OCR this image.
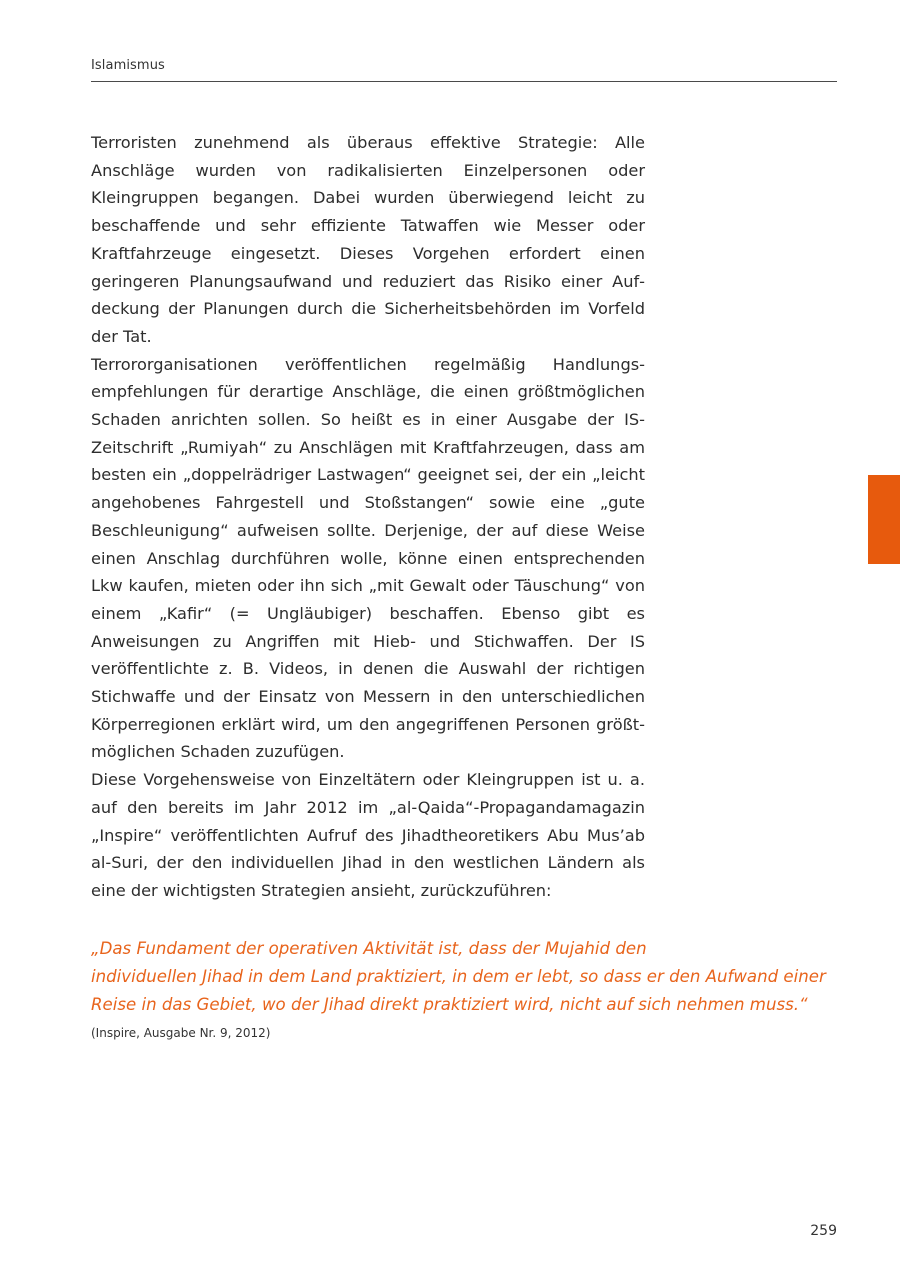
Islamismus

Terroristen zunehmend als überaus effektive Strategie: Alle Anschläge wurden von radikalisierten Einzelpersonen oder Kleingruppen begangen. Dabei wurden überwiegend leicht zu beschaffende und sehr effiziente Tatwaffen wie Messer oder Kraftfahrzeuge eingesetzt. Dieses Vorgehen erfordert einen geringeren Planungsaufwand und reduziert das Risiko einer Aufdeckung der Planungen durch die Sicherheitsbehörden im Vorfeld der Tat.

Terrororganisationen veröffentlichen regelmäßig Handlungsempfehlungen für derartige Anschläge, die einen größtmöglichen Schaden anrichten sollen. So heißt es in einer Ausgabe der IS-Zeitschrift „Rumiyah“ zu Anschlägen mit Kraftfahrzeugen, dass am besten ein „doppelrädriger Lastwagen“ geeignet sei, der ein „leicht angehobenes Fahrgestell und Stoßstangen“ sowie eine „gute Beschleunigung“ aufweisen sollte. Derjenige, der auf diese Weise einen Anschlag durchführen wolle, könne einen entsprechenden Lkw kaufen, mieten oder ihn sich „mit Gewalt oder Täuschung“ von einem „Kafir“ (= Ungläubiger) beschaffen. Ebenso gibt es Anweisungen zu Angriffen mit Hieb- und Stichwaffen. Der IS veröffentlichte z. B. Videos, in denen die Auswahl der richtigen Stichwaffe und der Einsatz von Messern in den unterschiedlichen Körperregionen erklärt wird, um den angegriffenen Personen größtmöglichen Schaden zuzufügen.

Diese Vorgehensweise von Einzeltätern oder Kleingruppen ist u. a. auf den bereits im Jahr 2012 im „al-Qaida“-Propagandamagazin „Inspire“ veröffentlichten Aufruf des Jihadtheoretikers Abu Mus’ab al-Suri, der den individuellen Jihad in den westlichen Ländern als eine der wichtigsten Strategien ansieht, zurückzuführen:

„Das Fundament der operativen Aktivität ist, dass der Mujahid den
individuellen Jihad in dem Land praktiziert, in dem er lebt, so dass er den Aufwand einer
Reise in das Gebiet, wo der Jihad direkt praktiziert wird, nicht auf sich nehmen muss.“
(Inspire, Ausgabe Nr. 9, 2012)
259
